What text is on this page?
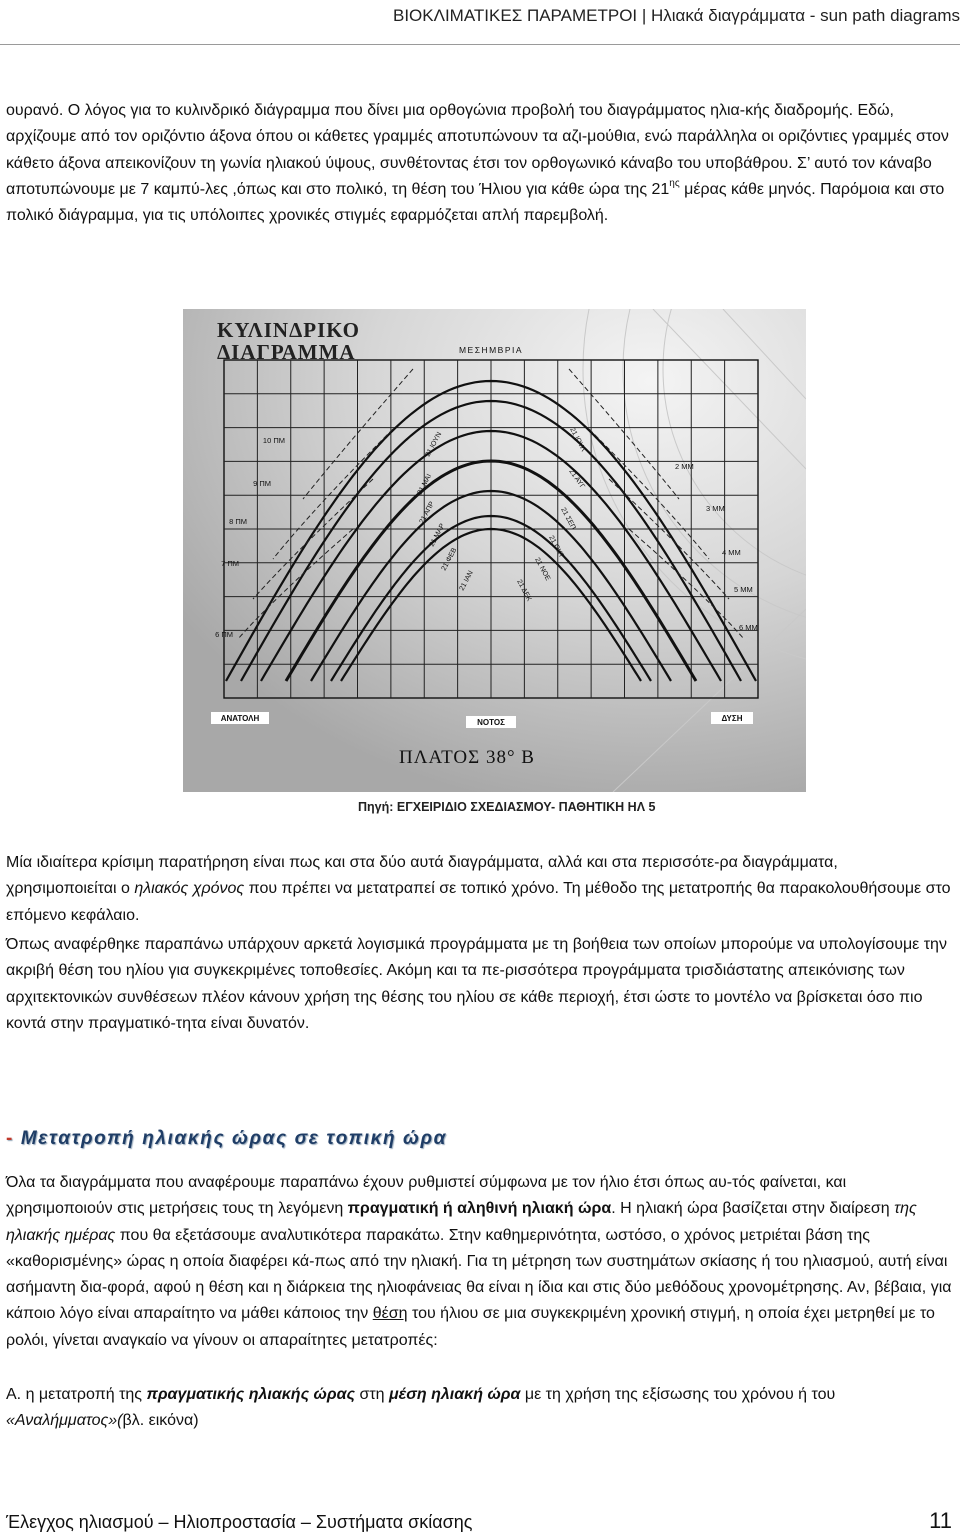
ΒΙΟΚΛΙΜΑΤΙΚΕΣ ΠΑΡΑΜΕΤΡΟΙ | Ηλιακά διαγράμματα - sun path diagrams

ουρανό. Ο λόγος για το κυλινδρικό διάγραμμα που δίνει μια ορθογώνια προβολή του διαγράμματος ηλια-κής διαδρομής. Εδώ, αρχίζουμε από τον οριζόντιο άξονα όπου οι κάθετες γραμμές αποτυπώνουν τα αζι-μούθια, ενώ παράλληλα οι οριζόντιες γραμμές στον κάθετο άξονα απεικονίζουν τη γωνία ηλιακού ύψους, συνθέτοντας έτσι τον ορθογωνικό κάναβο του υποβάθρου. Σ’ αυτό τον κάναβο αποτυπώνουμε με 7 καμπύ-λες ,όπως και στο πολικό, τη θέση του Ήλιου για κάθε ώρα της $21^{\eta\varsigma}$ μέρας κάθε μηνός. Παρόμοια και στο πολικό διάγραμμα, για τις υπόλοιπες χρονικές στιγμές εφαρμόζεται απλή παρεμβολή.

ΚΥΛΙΝΔΡΙΚΟ
ΔΙΑΓΡΑΜΜΑ	ΜΕΣΗΜΒΡΙΑ
10 ΠΜ
9 ΠΜ
8 ΠΜ
7 ΠΜ
6 ΠΜ
2 ΜΜ
3 ΜΜ
4 ΜΜ
5 ΜΜ
6 ΜΜ
21 ΙΟΥΝ
21 ΜΑΙ
21 ΑΠΡ
21 ΜΑΡ
21 ΦΕΒ
21 ΙΑΝ
21 ΙΟΥΛ
21 ΑΥΓ
21 ΣΕΠ
21 ΟΚΤ
21 ΝΟΕ
21 ΔΕΚ
ΑΝΑΤΟΛΗ	ΝΟΤΟΣ	ΔΥΣΗ
ΠΛΑΤΟΣ 38° Β
Πηγή: ΕΓΧΕΙΡΙΔΙΟ ΣΧΕΔΙΑΣΜΟΥ- ΠΑΘΗΤΙΚΗ ΗΛ 5

Μία ιδιαίτερα κρίσιμη παρατήρηση είναι πως και στα δύο αυτά διαγράμματα, αλλά και στα περισσότε-ρα διαγράμματα, χρησιμοποιείται ο ηλιακός χρόνος που πρέπει να μετατραπεί σε τοπικό χρόνο. Τη μέθοδο της μετατροπής θα παρακολουθήσουμε στο επόμενο κεφάλαιο.

Όπως αναφέρθηκε παραπάνω υπάρχουν αρκετά λογισμικά προγράμματα με τη βοήθεια των οποίων μπορούμε να υπολογίσουμε την ακριβή θέση του ηλίου για συγκεκριμένες τοποθεσίες. Ακόμη και τα πε-ρισσότερα προγράμματα τρισδιάστατης απεικόνισης των αρχιτεκτονικών συνθέσεων πλέον κάνουν χρήση της θέσης του ηλίου σε κάθε περιοχή, έτσι ώστε το μοντέλο να βρίσκεται όσο πιο κοντά στην πραγματικό-τητα είναι δυνατόν.

- Μετατροπή ηλιακής ώρας σε τοπική ώρα

Όλα τα διαγράμματα που αναφέρουμε παραπάνω έχουν ρυθμιστεί σύμφωνα με τον ήλιο έτσι όπως αυ-τός φαίνεται, και χρησιμοποιούν στις μετρήσεις τους τη λεγόμενη πραγματική ή αληθινή ηλιακή ώρα. Η ηλιακή ώρα βασίζεται στην διαίρεση της ηλιακής ημέρας που θα εξετάσουμε αναλυτικότερα παρακάτω. Στην καθημερινότητα, ωστόσο, ο χρόνος μετριέται βάση της «καθορισμένης» ώρας η οποία διαφέρει κά-πως από την ηλιακή. Για τη μέτρηση των συστημάτων σκίασης ή του ηλιασμού, αυτή είναι ασήμαντη δια-φορά, αφού η θέση και η διάρκεια της ηλιοφάνειας θα είναι η ίδια και στις δύο μεθόδους χρονομέτρησης. Αν, βέβαια, για κάποιο λόγο είναι απαραίτητο να μάθει κάποιος την θέση του ήλιου σε μια συγκεκριμένη χρονική στιγμή, η οποία έχει μετρηθεί με το ρολόι, γίνεται αναγκαίο να γίνουν οι απαραίτητες μετατροπές:

Α. η μετατροπή της πραγματικής ηλιακής ώρας στη μέση ηλιακή ώρα με τη χρήση της εξίσωσης του χρόνου ή του «Αναλήμματος»(βλ. εικόνα)

Έλεγχος ηλιασμού – Ηλιοπροστασία – Συστήματα σκίασης	11
